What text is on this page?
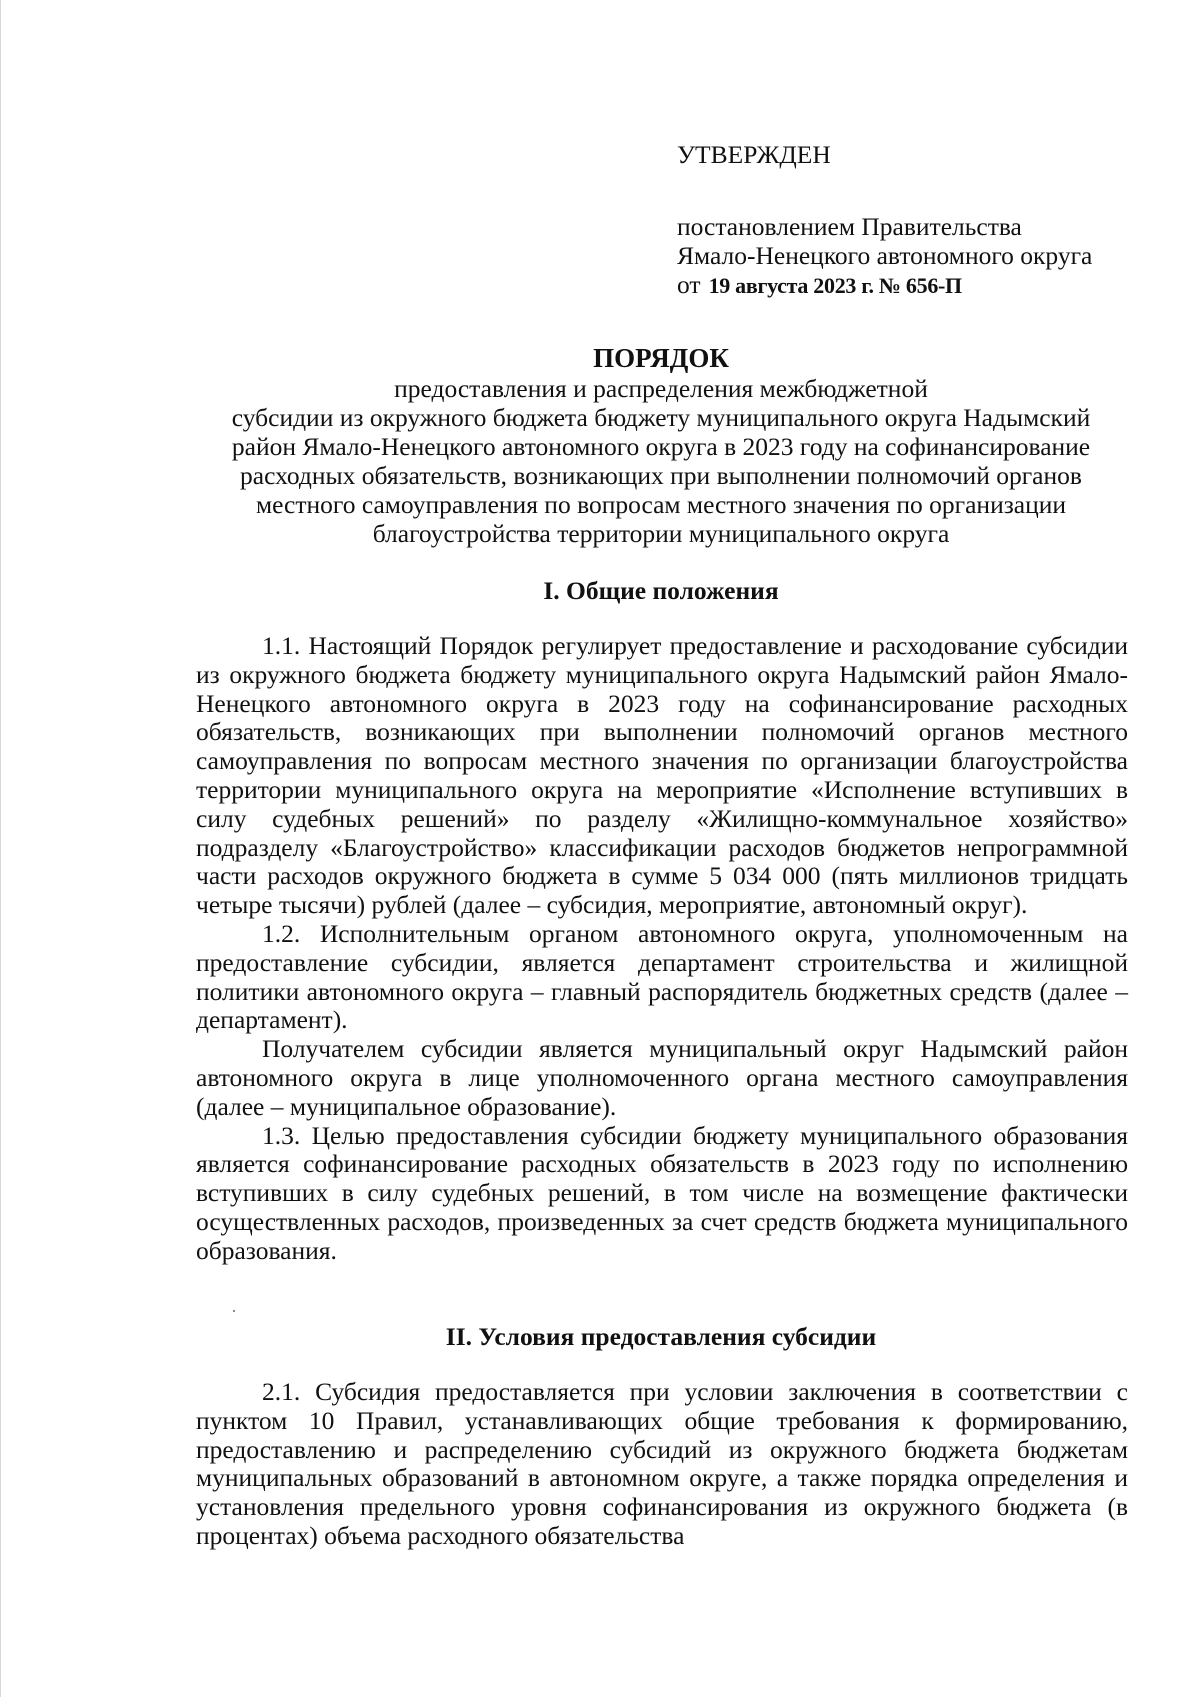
УТВЕРЖДЕН
постановлением Правительства
Ямало-Ненецкого автономного округа
от 19 августа 2023 г. № 656-П
ПОРЯДОК
предоставления и распределения межбюджетной
субсидии из окружного бюджета бюджету муниципального округа Надымский
район Ямало-Ненецкого автономного округа в 2023 году на софинансирование
расходных обязательств, возникающих при выполнении полномочий органов
местного самоуправления по вопросам местного значения по организации
благоустройства территории муниципального округа
I. Общие положения

1.1. Настоящий Порядок регулирует предоставление и расходование субсидии из окружного бюджета бюджету муниципального округа Надымский район Ямало-Ненецкого автономного округа в 2023 году на софинансирование расходных обязательств, возникающих при выполнении полномочий органов местного самоуправления по вопросам местного значения по организации благоустройства территории муниципального округа на мероприятие «Исполнение вступивших в силу судебных решений» по разделу «Жилищно-коммунальное хозяйство» подразделу «Благоустройство» классификации расходов бюджетов непрограммной части расходов окружного бюджета в сумме 5 034 000 (пять миллионов тридцать четыре тысячи) рублей (далее – субсидия, мероприятие, автономный округ).

1.2. Исполнительным органом автономного округа, уполномоченным на предоставление субсидии, является департамент строительства и жилищной политики автономного округа – главный распорядитель бюджетных средств (далее – департамент).

Получателем субсидии является муниципальный округ Надымский район автономного округа в лице уполномоченного органа местного самоуправления (далее – муниципальное образование).

1.3. Целью предоставления субсидии бюджету муниципального образования является софинансирование расходных обязательств в 2023 году по исполнению вступивших в силу судебных решений, в том числе на возмещение фактически осуществленных расходов, произведенных за счет средств бюджета муниципального образования.

II. Условия предоставления субсидии

2.1. Субсидия предоставляется при условии заключения в соответствии с пунктом 10 Правил, устанавливающих общие требования к формированию, предоставлению и распределению субсидий из окружного бюджета бюджетам муниципальных образований в автономном округе, а также порядка определения и установления предельного уровня софинансирования из окружного бюджета (в процентах) объема расходного обязательства
